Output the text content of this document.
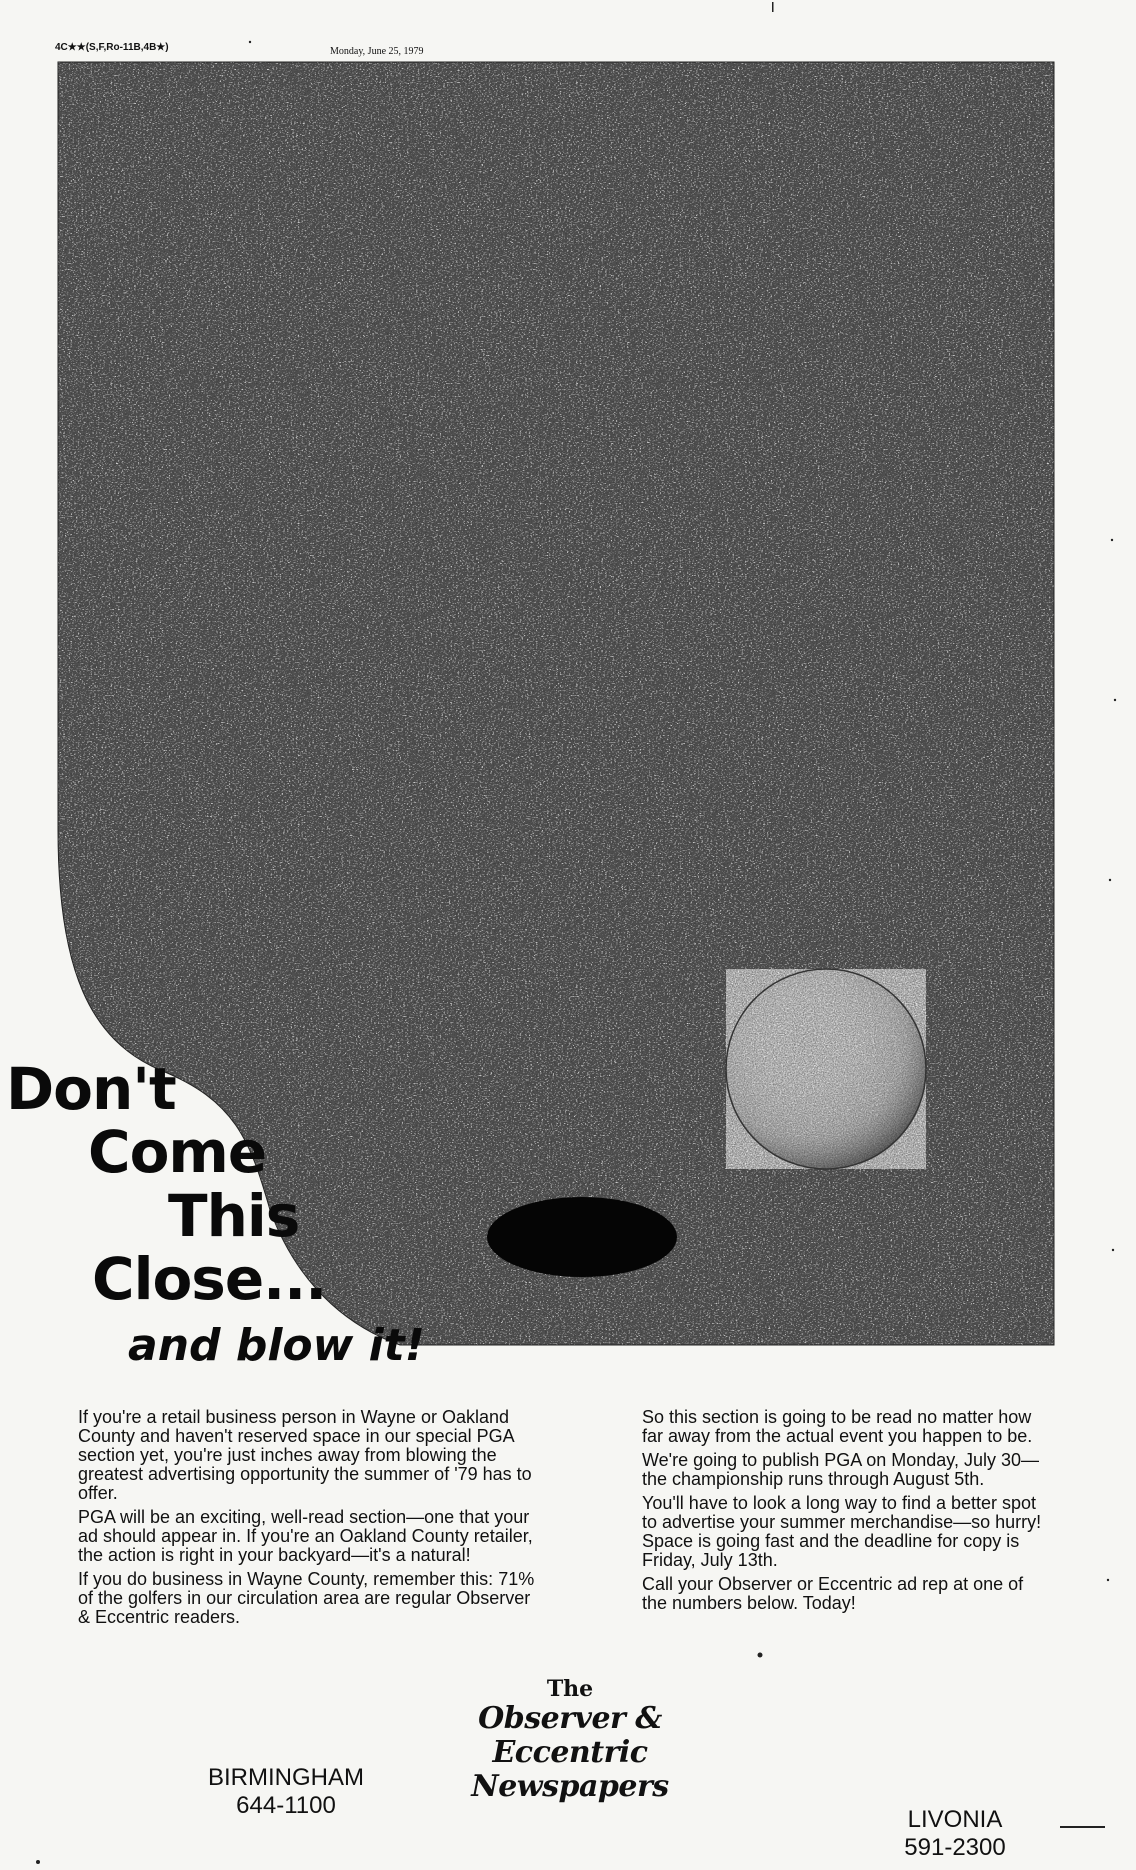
4C★★(S,F,Ro-11B,4B★)	Monday, June 25, 1979
Don't
Come
This
Close...
and blow it!

If you're a retail business person in Wayne or Oakland County and haven't reserved space in our special PGA section yet, you're just inches away from blowing the greatest advertising opportunity the summer of '79 has to offer.

PGA will be an exciting, well-read section—one that your ad should appear in. If you're an Oakland County retailer, the action is right in your backyard—it's a natural!

If you do business in Wayne County, remember this: 71% of the golfers in our circulation area are regular Observer & Eccentric readers.

So this section is going to be read no matter how far away from the actual event you happen to be.

We're going to publish PGA on Monday, July 30— the championship runs through August 5th.

You'll have to look a long way to find a better spot to advertise your summer merchandise—so hurry! Space is going fast and the deadline for copy is Friday, July 13th.

Call your Observer or Eccentric ad rep at one of the numbers below. Today!

The
Observer & Eccentric
Newspapers
BIRMINGHAM
644-1100
LIVONIA
591-2300
